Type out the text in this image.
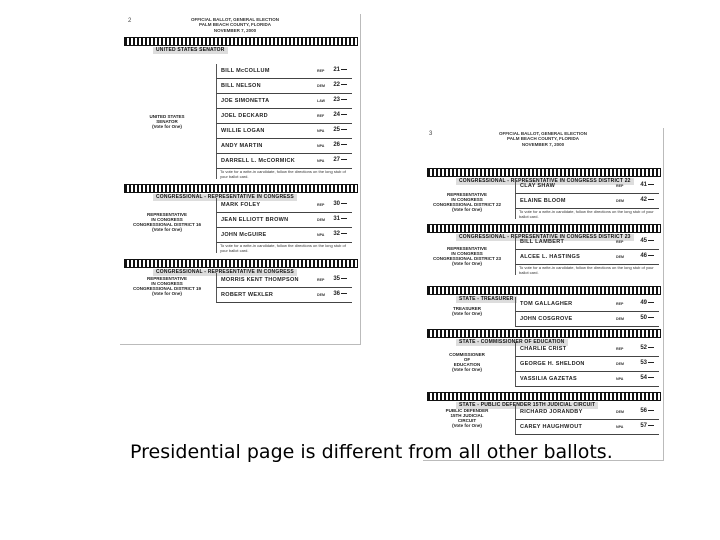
2	OFFICIAL BALLOT, GENERAL ELECTION
PALM BEACH COUNTY, FLORIDA
NOVEMBER 7, 2000
UNITED STATES SENATOR
UNITED STATES
SENATOR
(Vote for One)
BILL McCOLLUM	REP 21
BILL NELSON	DEM 22
JOE SIMONETTA	LAW 23
JOEL DECKARD	REF 24
WILLIE LOGAN	NPA 25
ANDY MARTIN	NPA 26
DARRELL L. McCORMICK	NPA 27
To vote for a write-in candidate, follow the directions on the long stub of your ballot card.
CONGRESSIONAL - REPRESENTATIVE IN CONGRESS
REPRESENTATIVE
IN CONGRESS
CONGRESSIONAL DISTRICT 16
(Vote for One)
MARK FOLEY	REP 30
JEAN ELLIOTT BROWN	DEM 31
JOHN McGUIRE	NPA 32
To vote for a write-in candidate, follow the directions on the long stub of your ballot card.
CONGRESSIONAL - REPRESENTATIVE IN CONGRESS
REPRESENTATIVE
IN CONGRESS
CONGRESSIONAL DISTRICT 19
(Vote for One)
MORRIS KENT THOMPSON	REP 35
ROBERT WEXLER	DEM 36
3	OFFICIAL BALLOT, GENERAL ELECTION
PALM BEACH COUNTY, FLORIDA
NOVEMBER 7, 2000
CONGRESSIONAL - REPRESENTATIVE IN CONGRESS DISTRICT 22
REPRESENTATIVE
IN CONGRESS
CONGRESSIONAL DISTRICT 22
(Vote for One)
CLAY SHAW	REP	41
ELAINE BLOOM	DEM	42
To vote for a write-in candidate, follow the directions on the long stub of your ballot card.
CONGRESSIONAL - REPRESENTATIVE IN CONGRESS DISTRICT 23
REPRESENTATIVE
IN CONGRESS
CONGRESSIONAL DISTRICT 23
(Vote for One)
BILL LAMBERT	REP	45
ALCEE L. HASTINGS	DEM	46
To vote for a write-in candidate, follow the directions on the long stub of your ballot card.
STATE - TREASURER
TREASURER
(Vote for One)
TOM GALLAGHER	REP	49
JOHN COSGROVE	DEM	50
STATE - COMMISSIONER OF EDUCATION
COMMISSIONER
OF
EDUCATION
(Vote for One)
CHARLIE CRIST	REP	52
GEORGE H. SHELDON	DEM	53
VASSILIA GAZETAS	NPA	54
STATE - PUBLIC DEFENDER 15TH JUDICIAL CIRCUIT
PUBLIC DEFENDER
15TH JUDICIAL
CIRCUIT
(Vote for One)
RICHARD JORANDBY	DEM	56
CAREY HAUGHWOUT	NPA	57

Presidential page is different from all other ballots.
